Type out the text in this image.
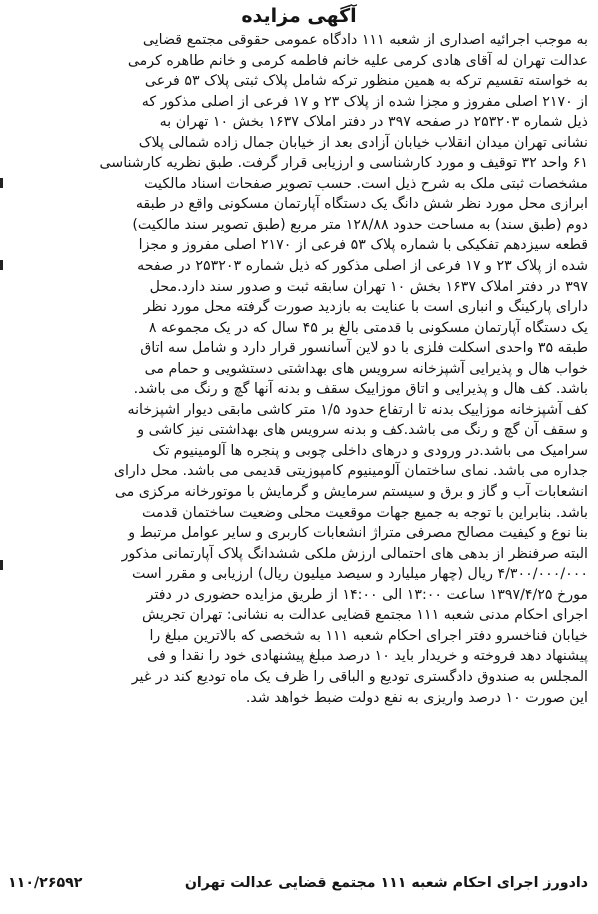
آگهی مزایده
به موجب اجرائیه اصداری از شعبه ۱۱۱ دادگاه عمومی حقوقی مجتمع قضایی
عدالت تهران له آقای هادی کرمی علیه خانم فاطمه کرمی و خانم طاهره کرمی
به خواسته تقسیم ترکه به همین منظور ترکه شامل پلاک ثبتی پلاک ۵۳ فرعی
از ۲۱۷۰ اصلی مفروز و مجزا شده از پلاک ۲۳ و ۱۷ فرعی از اصلی مذکور که
ذیل شماره ۲۵۳۲۰۳ در صفحه ۳۹۷ در دفتر املاک ۱۶۳۷ بخش ۱۰ تهران به
نشانی تهران میدان انقلاب خیابان آزادی بعد از خیابان جمال زاده شمالی پلاک
۶۱ واحد ۳۲ توقیف و مورد کارشناسی و ارزیابی قرار گرفت. طبق نظریه کارشناسی
مشخصات ثبتی ملک به شرح ذیل است. حسب تصویر صفحات اسناد مالکیت
ابرازی محل مورد نظر شش دانگ یک دستگاه آپارتمان مسکونی واقع در طبقه
دوم (طبق سند) به مساحت حدود ۱۲۸/۸۸ متر مربع (طبق تصویر سند مالکیت)
قطعه سیزدهم تفکیکی با شماره پلاک ۵۳ فرعی از ۲۱۷۰ اصلی مفروز و مجزا
شده از پلاک ۲۳ و ۱۷ فرعی از اصلی مذکور که ذیل شماره ۲۵۳۲۰۳ در صفحه
۳۹۷ در دفتر املاک ۱۶۳۷ بخش ۱۰ تهران سابقه ثبت و صدور سند دارد.محل
دارای پارکینگ و انباری است با عنایت به بازدید صورت گرفته محل مورد نظر
یک دستگاه آپارتمان مسکونی با قدمتی بالغ بر ۴۵ سال که در یک مجموعه ۸
طبقه ۳۵ واحدی اسکلت فلزی با دو لاین آسانسور قرار دارد و شامل سه اتاق
خواب هال و پذیرایی آشپزخانه سرویس های بهداشتی دستشویی و حمام می
باشد. کف هال و پذیرایی و اتاق موزاییک سقف و بدنه آنها گچ و رنگ می باشد.
کف آشپزخانه موزاییک بدنه تا ارتفاع حدود ۱/۵ متر کاشی مابقی دیوار اشپزخانه
و سقف آن گچ و رنگ می باشد.کف و بدنه سرویس های بهداشتی نیز کاشی و
سرامیک می باشد.در ورودی و درهای داخلی چوبی و پنجره ها آلومینیوم تک
جداره می باشد. نمای ساختمان آلومینیوم کامپوزیتی قدیمی می باشد. محل دارای
انشعابات آب و گاز و برق و سیستم سرمایش و گرمایش با موتورخانه مرکزی می
باشد. بنابراین با توجه به جمیع جهات موقعیت محلی وضعیت ساختمان قدمت
بنا نوع و کیفیت مصالح مصرفی متراژ انشعابات کاربری و سایر عوامل مرتبط و
البته صرفنظر از بدهی های احتمالی ارزش ملکی ششدانگ پلاک آپارتمانی مذکور
۴/۳۰۰/۰۰۰/۰۰۰ ریال (چهار میلیارد و سیصد میلیون ریال) ارزیابی و مقرر است
مورخ ۱۳۹۷/۴/۲۵ ساعت ۱۳:۰۰ الی ۱۴:۰۰ از طریق مزایده حضوری در دفتر
اجرای احکام مدنی شعبه ۱۱۱ مجتمع قضایی عدالت به نشانی: تهران تجریش
خیابان فناخسرو دفتر اجرای احکام شعبه ۱۱۱ به شخصی که بالاترین مبلغ را
پیشنهاد دهد فروخته و خریدار باید ۱۰ درصد مبلغ پیشنهادی خود را نقدا و فی
المجلس به صندوق دادگستری تودیع و الباقی را ظرف یک ماه تودیع کند در غیر
این صورت ۱۰ درصد واریزی به نفع دولت ضبط خواهد شد.
دادورز اجرای احکام شعبه ۱۱۱ مجتمع قضایی عدالت تهران
۱۱۰/۲۶۵۹۲
